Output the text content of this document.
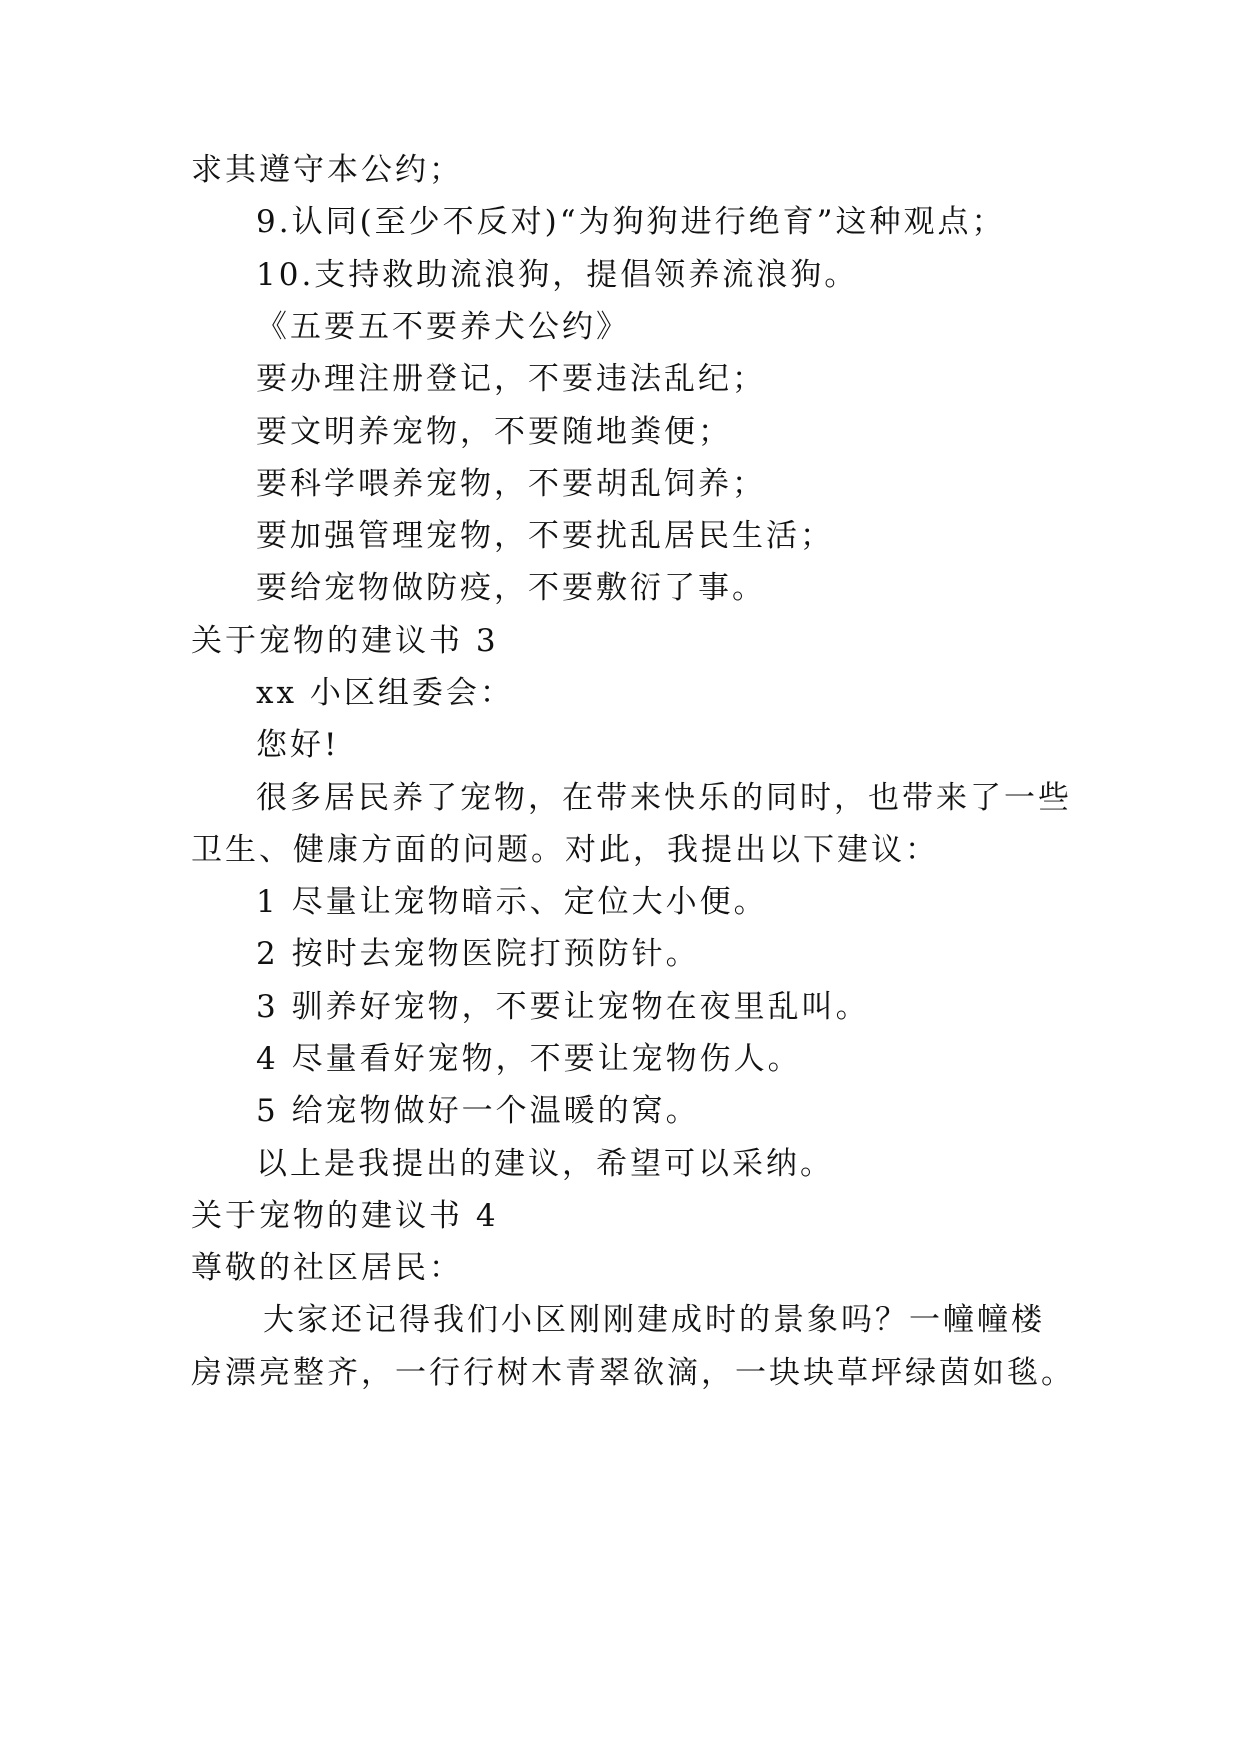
求其遵守本公约；
9.认同(至少不反对)“为狗狗进行绝育”这种观点；
10.支持救助流浪狗，提倡领养流浪狗。
《五要五不要养犬公约》
要办理注册登记，不要违法乱纪；
要文明养宠物，不要随地粪便；
要科学喂养宠物，不要胡乱饲养；
要加强管理宠物，不要扰乱居民生活；
要给宠物做防疫，不要敷衍了事。
关于宠物的建议书 3
xx 小区组委会：
您好!
很多居民养了宠物，在带来快乐的同时，也带来了一些
卫生、健康方面的问题。对此，我提出以下建议：
1 尽量让宠物暗示、定位大小便。
2 按时去宠物医院打预防针。
3 驯养好宠物，不要让宠物在夜里乱叫。
4 尽量看好宠物，不要让宠物伤人。
5 给宠物做好一个温暖的窝。
以上是我提出的建议，希望可以采纳。
关于宠物的建议书 4
尊敬的社区居民：
大家还记得我们小区刚刚建成时的景象吗？一幢幢楼
房漂亮整齐，一行行树木青翠欲滴，一块块草坪绿茵如毯。
